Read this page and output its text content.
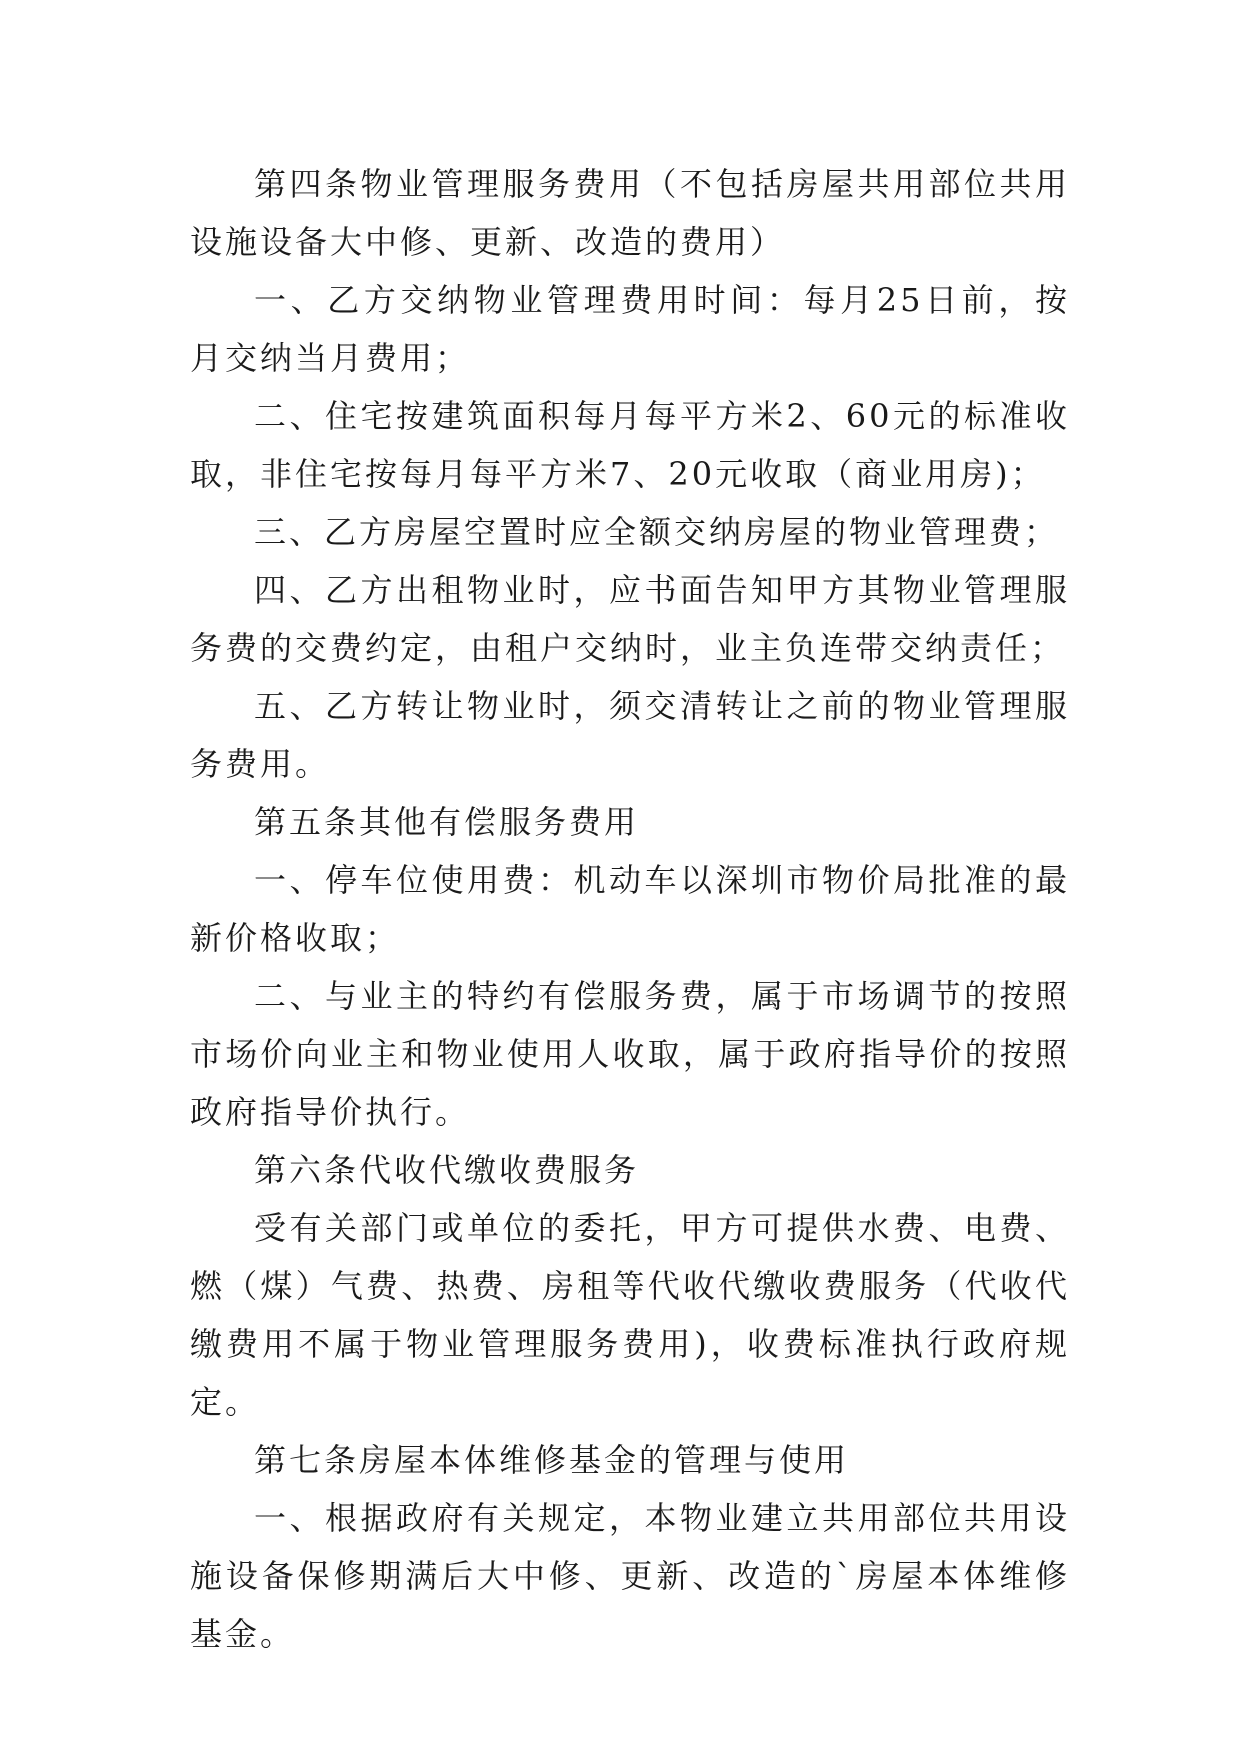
第四条物业管理服务费用（不包括房屋共用部位共用设施设备大中修、更新、改造的费用）

一、乙方交纳物业管理费用时间：每月25日前，按月交纳当月费用；

二、住宅按建筑面积每月每平方米2、60元的标准收取，非住宅按每月每平方米7、20元收取（商业用房)；

三、乙方房屋空置时应全额交纳房屋的物业管理费；

四、乙方出租物业时，应书面告知甲方其物业管理服务费的交费约定，由租户交纳时，业主负连带交纳责任；

五、乙方转让物业时，须交清转让之前的物业管理服务费用。

第五条其他有偿服务费用

一、停车位使用费：机动车以深圳市物价局批准的最新价格收取；

二、与业主的特约有偿服务费，属于市场调节的按照市场价向业主和物业使用人收取，属于政府指导价的按照政府指导价执行。

第六条代收代缴收费服务

受有关部门或单位的委托，甲方可提供水费、电费、燃（煤）气费、热费、房租等代收代缴收费服务（代收代缴费用不属于物业管理服务费用)，收费标准执行政府规定。

第七条房屋本体维修基金的管理与使用

一、根据政府有关规定，本物业建立共用部位共用设施设备保修期满后大中修、更新、改造的`房屋本体维修基金。
